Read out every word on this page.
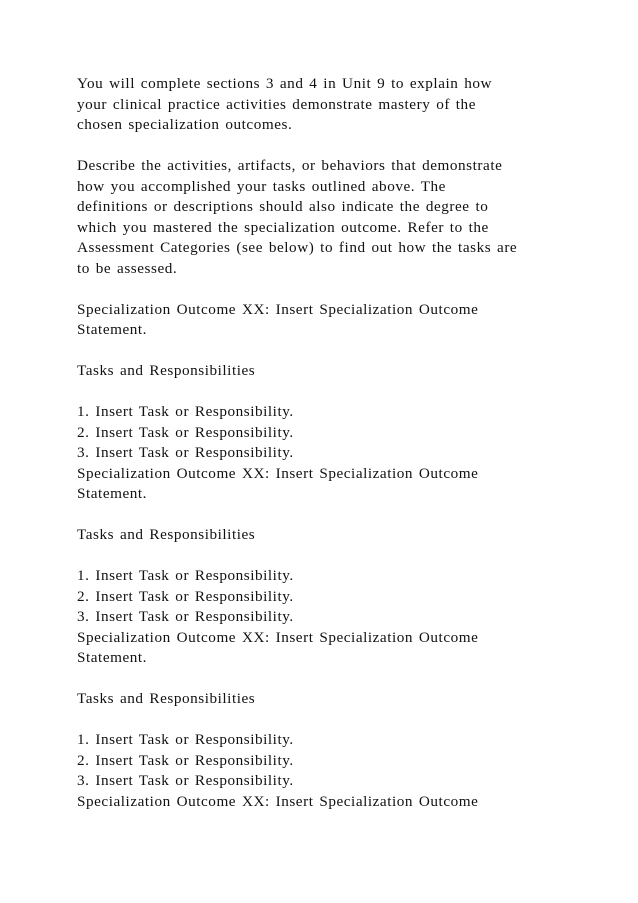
You will complete sections 3 and 4 in Unit 9 to explain how
your clinical practice activities demonstrate mastery of the
chosen specialization outcomes.
Describe the activities, artifacts, or behaviors that demonstrate
how you accomplished your tasks outlined above. The
definitions or descriptions should also indicate the degree to
which you mastered the specialization outcome. Refer to the
Assessment Categories (see below) to find out how the tasks are
to be assessed.
Specialization Outcome XX: Insert Specialization Outcome
Statement.
Tasks and Responsibilities
1. Insert Task or Responsibility.
2. Insert Task or Responsibility.
3. Insert Task or Responsibility.
Specialization Outcome XX: Insert Specialization Outcome
Statement.
Tasks and Responsibilities
1. Insert Task or Responsibility.
2. Insert Task or Responsibility.
3. Insert Task or Responsibility.
Specialization Outcome XX: Insert Specialization Outcome
Statement.
Tasks and Responsibilities
1. Insert Task or Responsibility.
2. Insert Task or Responsibility.
3. Insert Task or Responsibility.
Specialization Outcome XX: Insert Specialization Outcome
